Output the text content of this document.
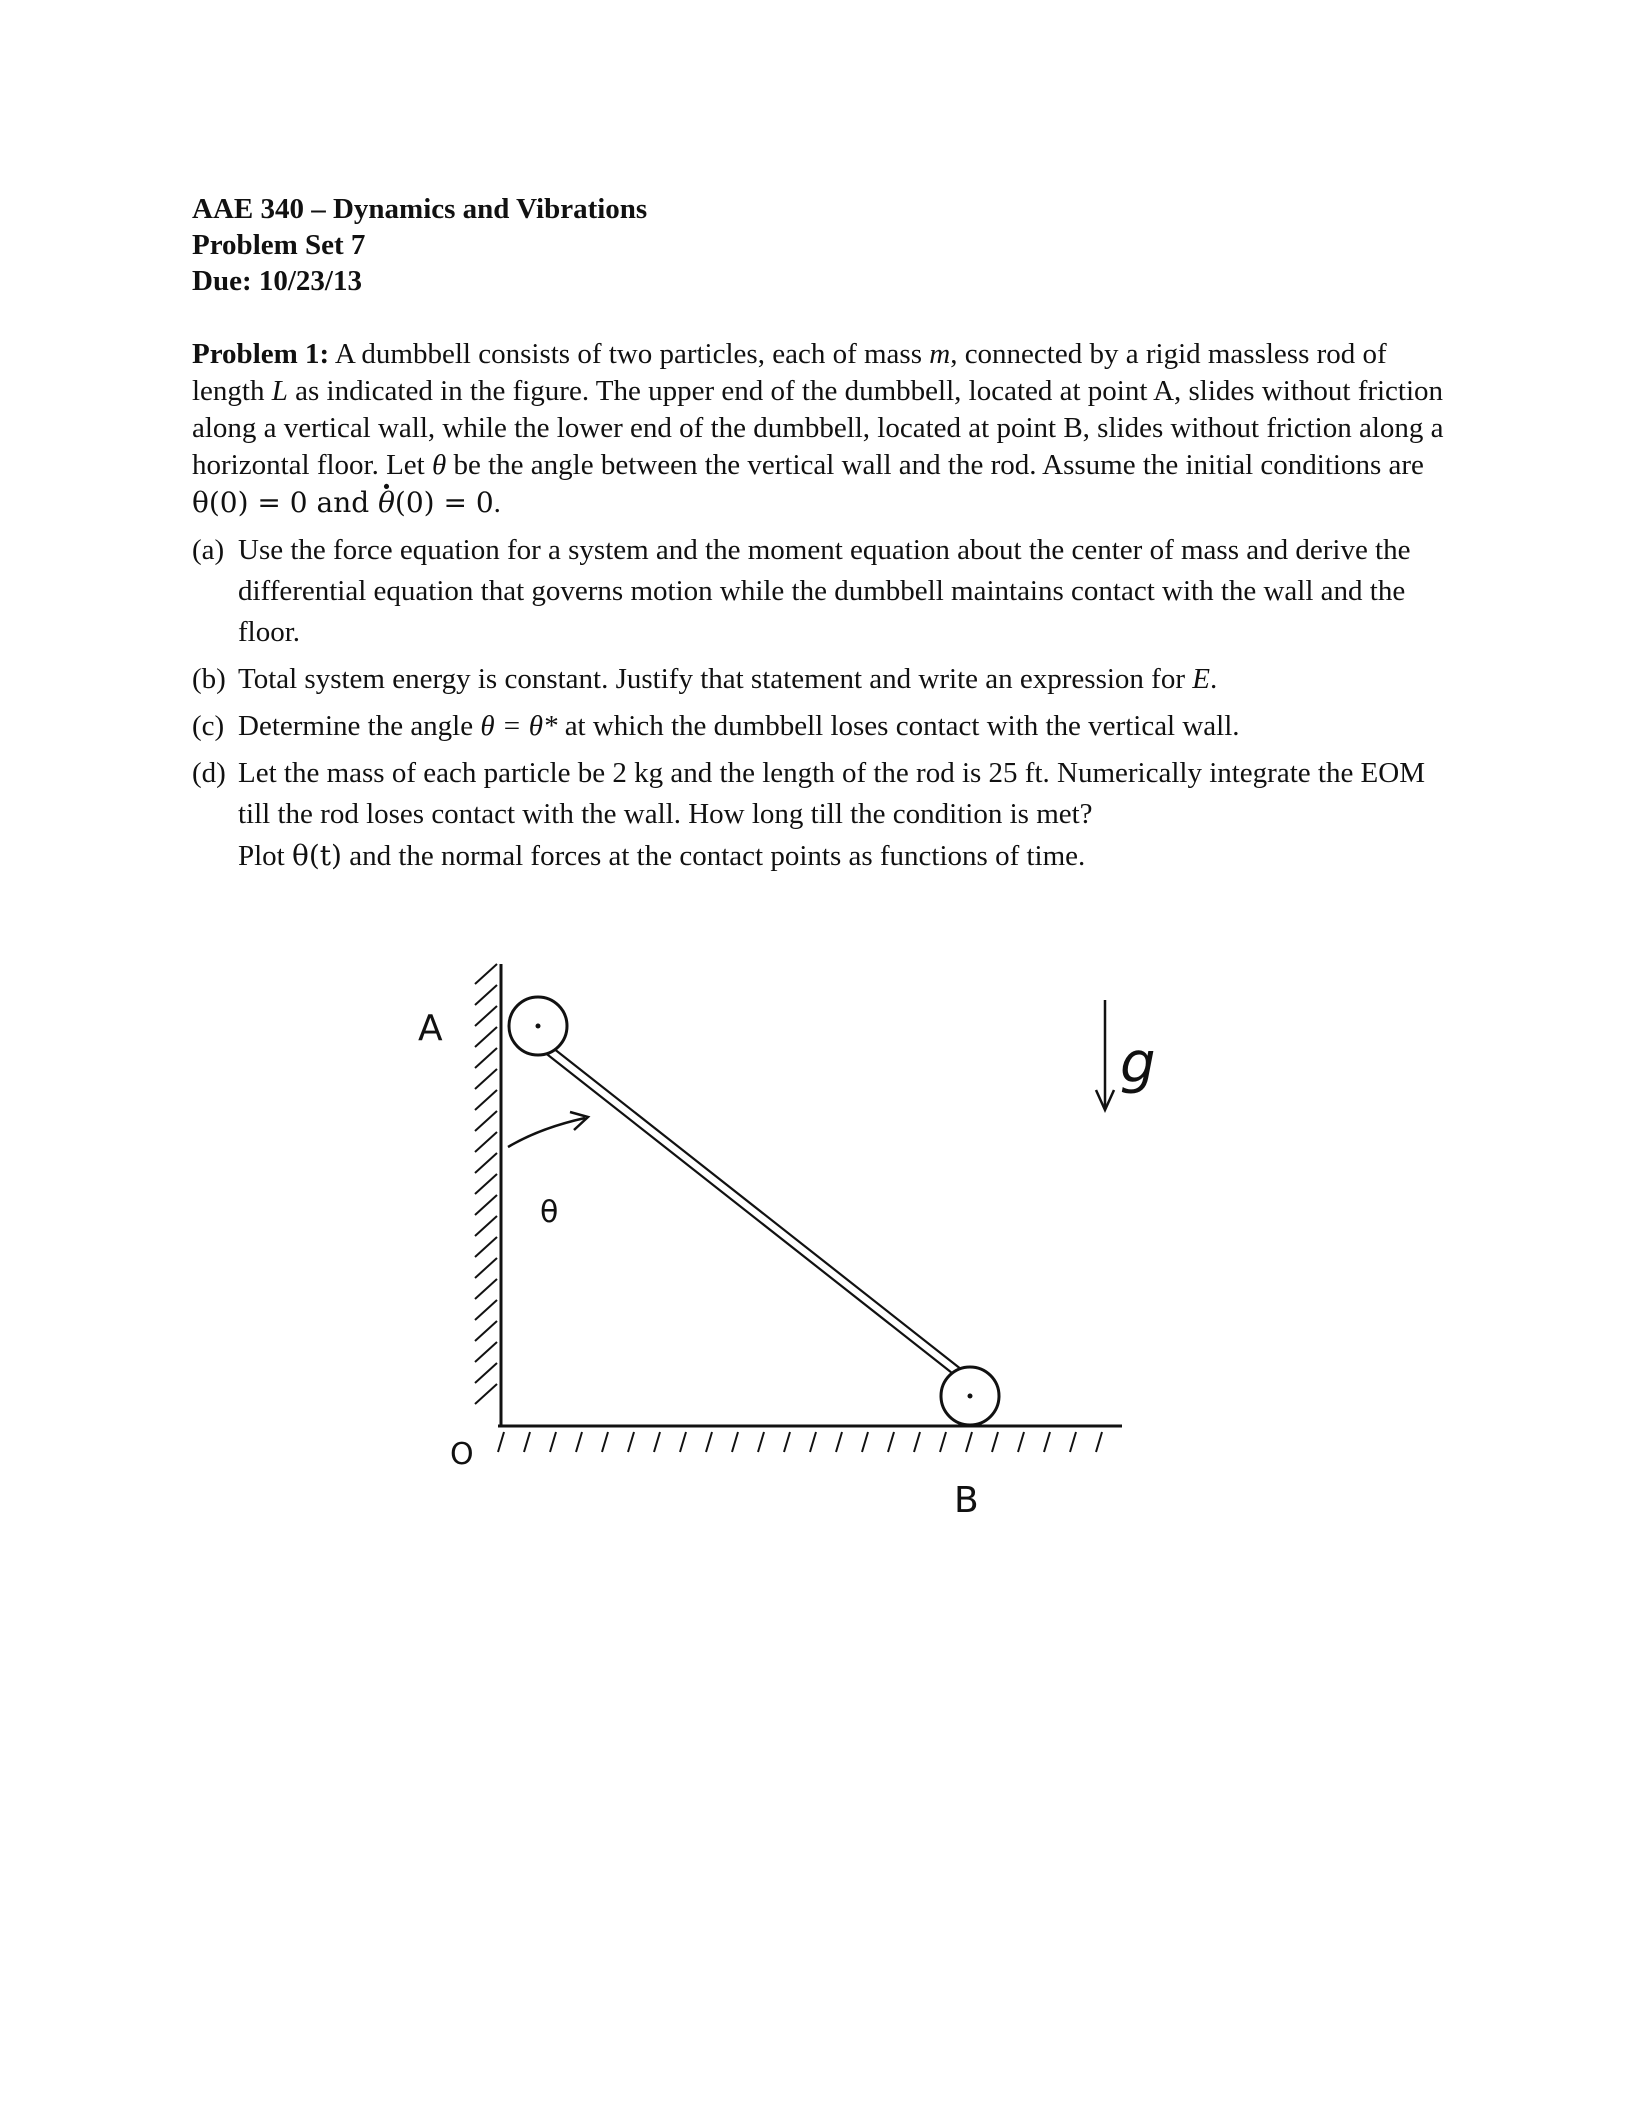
AAE 340 – Dynamics and Vibrations
Problem Set 7
Due: 10/23/13

Problem 1: A dumbbell consists of two particles, each of mass m, connected by a rigid massless rod of length L as indicated in the figure. The upper end of the dumbbell, located at point A, slides without friction along a vertical wall, while the lower end of the dumbbell, located at point B, slides without friction along a horizontal floor. Let θ be the angle between the vertical wall and the rod. Assume the initial conditions are θ(0) = 0 and · θ(0) = 0.

(a) Use the force equation for a system and the moment equation about the center of mass and derive the differential equation that governs motion while the dumbbell maintains contact with the wall and the floor.
(b) Total system energy is constant. Justify that statement and write an expression for E.
(c) Determine the angle θ = θ* at which the dumbbell loses contact with the vertical wall.
(d) Let the mass of each particle be 2 kg and the length of the rod is 25 ft. Numerically integrate the EOM till the rod loses contact with the wall. How long till the condition is met?
Plot θ(t) and the normal forces at the contact points as functions of time.
A
B
O
θ
g
